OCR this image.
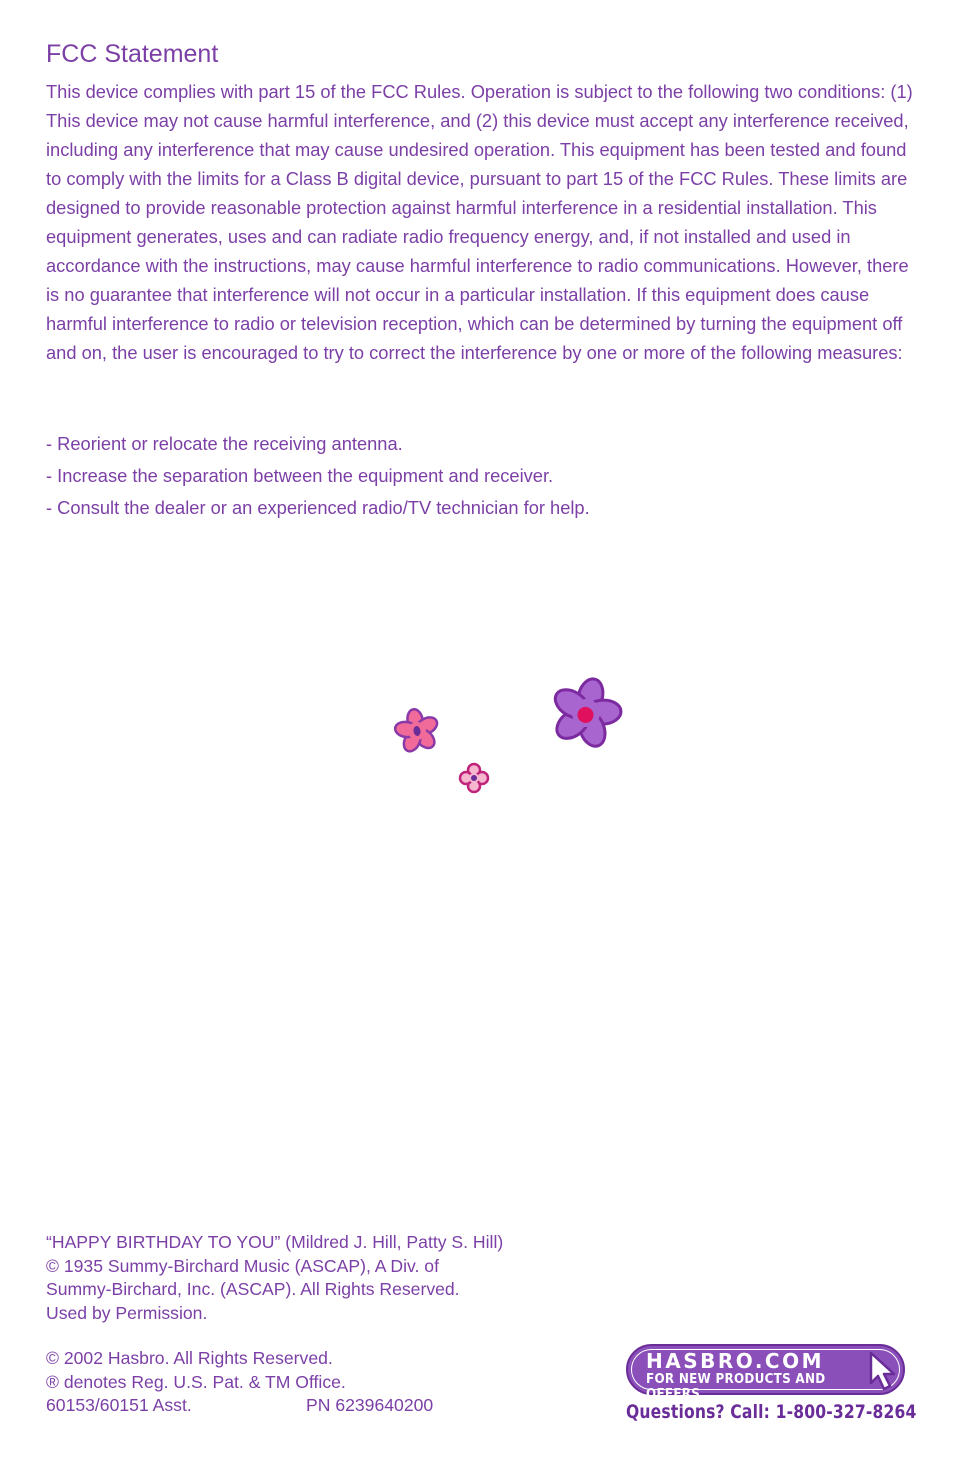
FCC Statement

This device complies with part 15 of the FCC Rules. Operation is subject to the following two conditions: (1) This device may not cause harmful interference, and (2) this device must accept any interference received, including any interference that may cause undesired operation. This equipment has been tested and found to comply with the limits for a Class B digital device, pursuant to part 15 of the FCC Rules. These limits are designed to provide reasonable protection against harmful interference in a residential installation. This equipment generates, uses and can radiate radio frequency energy, and, if not installed and used in accordance with the instructions, may cause harmful interference to radio communications. However, there is no guarantee that interference will not occur in a particular installation. If this equipment does cause harmful interference to radio or television reception, which can be determined by turning the equipment off and on, the user is encouraged to try to correct the interference by one or more of the following measures:

- Reorient or relocate the receiving antenna.
- Increase the separation between the equipment and receiver.
- Consult the dealer or an experienced radio/TV technician for help.
“HAPPY BIRTHDAY TO YOU” (Mildred J. Hill, Patty S. Hill)
© 1935 Summy-Birchard Music (ASCAP), A Div. of
Summy-Birchard, Inc. (ASCAP). All Rights Reserved.
Used by Permission.
© 2002 Hasbro. All Rights Reserved.
® denotes Reg. U.S. Pat. & TM Office.
60153/60151 Asst.	PN 6239640200
HASBRO.COM
FOR NEW PRODUCTS AND OFFERS
Questions? Call: 1-800-327-8264
